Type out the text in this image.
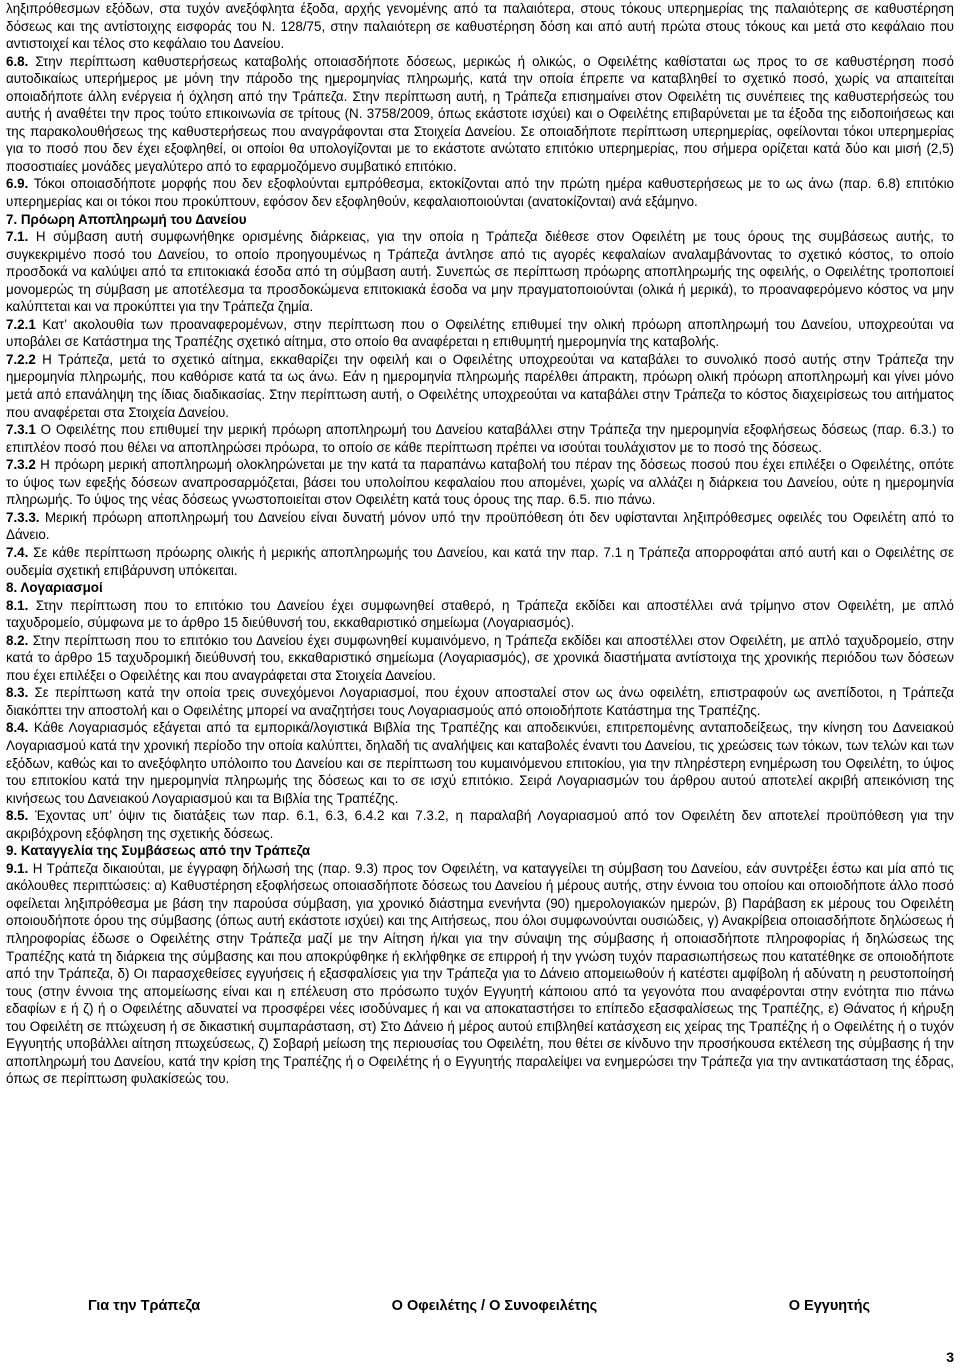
ληξιπρόθεσμων εξόδων, στα τυχόν ανεξόφλητα έξοδα, αρχής γενομένης από τα παλαιότερα, στους τόκους υπερημερίας της παλαιότερης σε καθυστέρηση δόσεως και της αντίστοιχης εισφοράς του Ν. 128/75, στην παλαιότερη σε καθυστέρηση δόση και από αυτή πρώτα στους τόκους και μετά στο κεφάλαιο που αντιστοιχεί και τέλος στο κεφάλαιο του Δανείου.

6.8. Στην περίπτωση καθυστερήσεως καταβολής οποιασδήποτε δόσεως, μερικώς ή ολικώς, ο Οφειλέτης καθίσταται ως προς το σε καθυστέρηση ποσό αυτοδικαίως υπερήμερος με μόνη την πάροδο της ημερομηνίας πληρωμής, κατά την οποία έπρεπε να καταβληθεί το σχετικό ποσό, χωρίς να απαιτείται οποιαδήποτε άλλη ενέργεια ή όχληση από την Τράπεζα. Στην περίπτωση αυτή, η Τράπεζα επισημαίνει στον Οφειλέτη τις συνέπειες της καθυστερήσεώς του αυτής ή αναθέτει την προς τούτο επικοινωνία σε τρίτους (Ν. 3758/2009, όπως εκάστοτε ισχύει) και ο Οφειλέτης επιβαρύνεται με τα έξοδα της ειδοποιήσεως και της παρακολουθήσεως της καθυστερήσεως που αναγράφονται στα Στοιχεία Δανείου. Σε οποιαδήποτε περίπτωση υπερημερίας, οφείλονται τόκοι υπερημερίας για το ποσό που δεν έχει εξοφληθεί, οι οποίοι θα υπολογίζονται με το εκάστοτε ανώτατο επιτόκιο υπερημερίας, που σήμερα ορίζεται κατά δύο και μισή (2,5) ποσοστιαίες μονάδες μεγαλύτερο από το εφαρμοζόμενο συμβατικό επιτόκιο.

6.9. Τόκοι οποιασδήποτε μορφής που δεν εξοφλούνται εμπρόθεσμα, εκτοκίζονται από την πρώτη ημέρα καθυστερήσεως με το ως άνω (παρ. 6.8) επιτόκιο υπερημερίας και οι τόκοι που προκύπτουν, εφόσον δεν εξοφληθούν, κεφαλαιοποιούνται (ανατοκίζονται) ανά εξάμηνο.

7. Πρόωρη Αποπληρωμή του Δανείου

7.1. Η σύμβαση αυτή συμφωνήθηκε ορισμένης διάρκειας, για την οποία η Τράπεζα διέθεσε στον Οφειλέτη με τους όρους της συμβάσεως αυτής, το συγκεκριμένο ποσό του Δανείου, το οποίο προηγουμένως η Τράπεζα άντλησε από τις αγορές κεφαλαίων αναλαμβάνοντας το σχετικό κόστος, το οποίο προσδοκά να καλύψει από τα επιτοκιακά έσοδα από τη σύμβαση αυτή. Συνεπώς σε περίπτωση πρόωρης αποπληρωμής της οφειλής, ο Οφειλέτης τροποποιεί μονομερώς τη σύμβαση με αποτέλεσμα τα προσδοκώμενα επιτοκιακά έσοδα να μην πραγματοποιούνται (ολικά ή μερικά), το προαναφερόμενο κόστος να μην καλύπτεται και να προκύπτει για την Τράπεζα ζημία.

7.2.1 Κατ’ ακολουθία των προαναφερομένων, στην περίπτωση που ο Οφειλέτης επιθυμεί την ολική πρόωρη αποπληρωμή του Δανείου, υποχρεούται να υποβάλει σε Κατάστημα της Τραπέζης σχετικό αίτημα, στο οποίο θα αναφέρεται η επιθυμητή ημερομηνία της καταβολής.

7.2.2 Η Τράπεζα, μετά το σχετικό αίτημα, εκκαθαρίζει την οφειλή και ο Οφειλέτης υποχρεούται να καταβάλει το συνολικό ποσό αυτής στην Τράπεζα την ημερομηνία πληρωμής, που καθόρισε κατά τα ως άνω. Εάν η ημερομηνία πληρωμής παρέλθει άπρακτη, πρόωρη ολική πρόωρη αποπληρωμή και γίνει μόνο μετά από επανάληψη της ίδιας διαδικασίας. Στην περίπτωση αυτή, ο Οφειλέτης υποχρεούται να καταβάλει στην Τράπεζα το κόστος διαχειρίσεως του αιτήματος που αναφέρεται στα Στοιχεία Δανείου.

7.3.1 Ο Οφειλέτης που επιθυμεί την μερική πρόωρη αποπληρωμή του Δανείου καταβάλλει στην Τράπεζα την ημερομηνία εξοφλήσεως δόσεως (παρ. 6.3.) το επιπλέον ποσό που θέλει να αποπληρώσει πρόωρα, το οποίο σε κάθε περίπτωση πρέπει να ισούται τουλάχιστον με το ποσό της δόσεως.

7.3.2 Η πρόωρη μερική αποπληρωμή ολοκληρώνεται με την κατά τα παραπάνω καταβολή του πέραν της δόσεως ποσού που έχει επιλέξει ο Οφειλέτης, οπότε το ύψος των εφεξής δόσεων αναπροσαρμόζεται, βάσει του υπολοίπου κεφαλαίου που απομένει, χωρίς να αλλάζει η διάρκεια του Δανείου, ούτε η ημερομηνία πληρωμής. Το ύψος της νέας δόσεως γνωστοποιείται στον Οφειλέτη κατά τους όρους της παρ. 6.5. πιο πάνω.

7.3.3. Μερική πρόωρη αποπληρωμή του Δανείου είναι δυνατή μόνον υπό την προϋπόθεση ότι δεν υφίστανται ληξιπρόθεσμες οφειλές του Οφειλέτη από το Δάνειο.

7.4. Σε κάθε περίπτωση πρόωρης ολικής ή μερικής αποπληρωμής του Δανείου, και κατά την παρ. 7.1 η Τράπεζα απορροφάται από αυτή και ο Οφειλέτης σε ουδεμία σχετική επιβάρυνση υπόκειται.

8. Λογαριασμοί

8.1. Στην περίπτωση που το επιτόκιο του Δανείου έχει συμφωνηθεί σταθερό, η Τράπεζα εκδίδει και αποστέλλει ανά τρίμηνο στον Οφειλέτη, με απλό ταχυδρομείο, σύμφωνα με το άρθρο 15 διεύθυνσή του, εκκαθαριστικό σημείωμα (Λογαριασμός).

8.2. Στην περίπτωση που το επιτόκιο του Δανείου έχει συμφωνηθεί κυμαινόμενο, η Τράπεζα εκδίδει και αποστέλλει στον Οφειλέτη, με απλό ταχυδρομείο, στην κατά το άρθρο 15 ταχυδρομική διεύθυνσή του, εκκαθαριστικό σημείωμα (Λογαριασμός), σε χρονικά διαστήματα αντίστοιχα της χρονικής περιόδου των δόσεων που έχει επιλέξει ο Οφειλέτης και που αναγράφεται στα Στοιχεία Δανείου.

8.3. Σε περίπτωση κατά την οποία τρεις συνεχόμενοι Λογαριασμοί, που έχουν αποσταλεί στον ως άνω οφειλέτη, επιστραφούν ως ανεπίδοτοι, η Τράπεζα διακόπτει την αποστολή και ο Οφειλέτης μπορεί να αναζητήσει τους Λογαριασμούς από οποιοδήποτε Κατάστημα της Τραπέζης.

8.4. Κάθε Λογαριασμός εξάγεται από τα εμπορικά/λογιστικά Βιβλία της Τραπέζης και αποδεικνύει, επιτρεπομένης ανταποδείξεως, την κίνηση του Δανειακού Λογαριασμού κατά την χρονική περίοδο την οποία καλύπτει, δηλαδή τις αναλήψεις και καταβολές έναντι του Δανείου, τις χρεώσεις των τόκων, των τελών και των εξόδων, καθώς και το ανεξόφλητο υπόλοιπο του Δανείου και σε περίπτωση του κυμαινόμενου επιτοκίου, για την πληρέστερη ενημέρωση του Οφειλέτη, το ύψος του επιτοκίου κατά την ημερομηνία πληρωμής της δόσεως και το σε ισχύ επιτόκιο. Σειρά Λογαριασμών του άρθρου αυτού αποτελεί ακριβή απεικόνιση της κινήσεως του Δανειακού Λογαριασμού και τα Βιβλία της Τραπέζης.

8.5. Έχοντας υπ’ όψιν τις διατάξεις των παρ. 6.1, 6.3, 6.4.2 και 7.3.2, η παραλαβή Λογαριασμού από τον Οφειλέτη δεν αποτελεί προϋπόθεση για την ακριβόχρονη εξόφληση της σχετικής δόσεως.

9. Καταγγελία της Συμβάσεως από την Τράπεζα

9.1. Η Τράπεζα δικαιούται, με έγγραφη δήλωσή της (παρ. 9.3) προς τον Οφειλέτη, να καταγγείλει τη σύμβαση του Δανείου, εάν συντρέξει έστω και μία από τις ακόλουθες περιπτώσεις: α) Καθυστέρηση εξοφλήσεως οποιασδήποτε δόσεως του Δανείου ή μέρους αυτής, στην έννοια του οποίου και οποιοδήποτε άλλο ποσό οφείλεται ληξιπρόθεσμα με βάση την παρούσα σύμβαση, για χρονικό διάστημα ενενήντα (90) ημερολογιακών ημερών, β) Παράβαση εκ μέρους του Οφειλέτη οποιουδήποτε όρου της σύμβασης (όπως αυτή εκάστοτε ισχύει) και της Αιτήσεως, που όλοι συμφωνούνται ουσιώδεις, γ) Ανακρίβεια οποιασδήποτε δηλώσεως ή πληροφορίας έδωσε ο Οφειλέτης στην Τράπεζα μαζί με την Αίτηση ή/και για την σύναψη της σύμβασης ή οποιασδήποτε πληροφορίας ή δηλώσεως της Τραπέζης κατά τη διάρκεια της σύμβασης και που αποκρύφθηκε ή εκλήφθηκε σε επιρροή ή την γνώση τυχόν παρασιωπήσεως που κατατέθηκε σε οποιοδήποτε από την Τράπεζα, δ) Οι παρασχεθείσες εγγυήσεις ή εξασφαλίσεις για την Τράπεζα για το Δάνειο απομειωθούν ή κατέστει αμφίβολη ή αδύνατη η ρευστοποίησή τους (στην έννοια της απομείωσης είναι και η επέλευση στο πρόσωπο τυχόν Εγγυητή κάποιου από τα γεγονότα που αναφέρονται στην ενότητα πιο πάνω εδαφίων ε ή ζ) ή ο Οφειλέτης αδυνατεί να προσφέρει νέες ισοδύναμες ή και να αποκαταστήσει το επίπεδο εξασφαλίσεως της Τραπέζης, ε) Θάνατος ή κήρυξη του Οφειλέτη σε πτώχευση ή σε δικαστική συμπαράσταση, στ) Στο Δάνειο ή μέρος αυτού επιβληθεί κατάσχεση εις χείρας της Τραπέζης ή ο Οφειλέτης ή ο τυχόν Εγγυητής υποβάλλει αίτηση πτωχεύσεως, ζ) Σοβαρή μείωση της περιουσίας του Οφειλέτη, που θέτει σε κίνδυνο την προσήκουσα εκτέλεση της σύμβασης ή την αποπληρωμή του Δανείου, κατά την κρίση της Τραπέζης ή ο Οφειλέτης ή ο Εγγυητής παραλείψει να ενημερώσει την Τράπεζα για την αντικατάσταση της έδρας, όπως σε περίπτωση φυλακίσεώς του.

Για την Τράπεζα	Ο Οφειλέτης / Ο Συνοφειλέτης	Ο Εγγυητής
3
